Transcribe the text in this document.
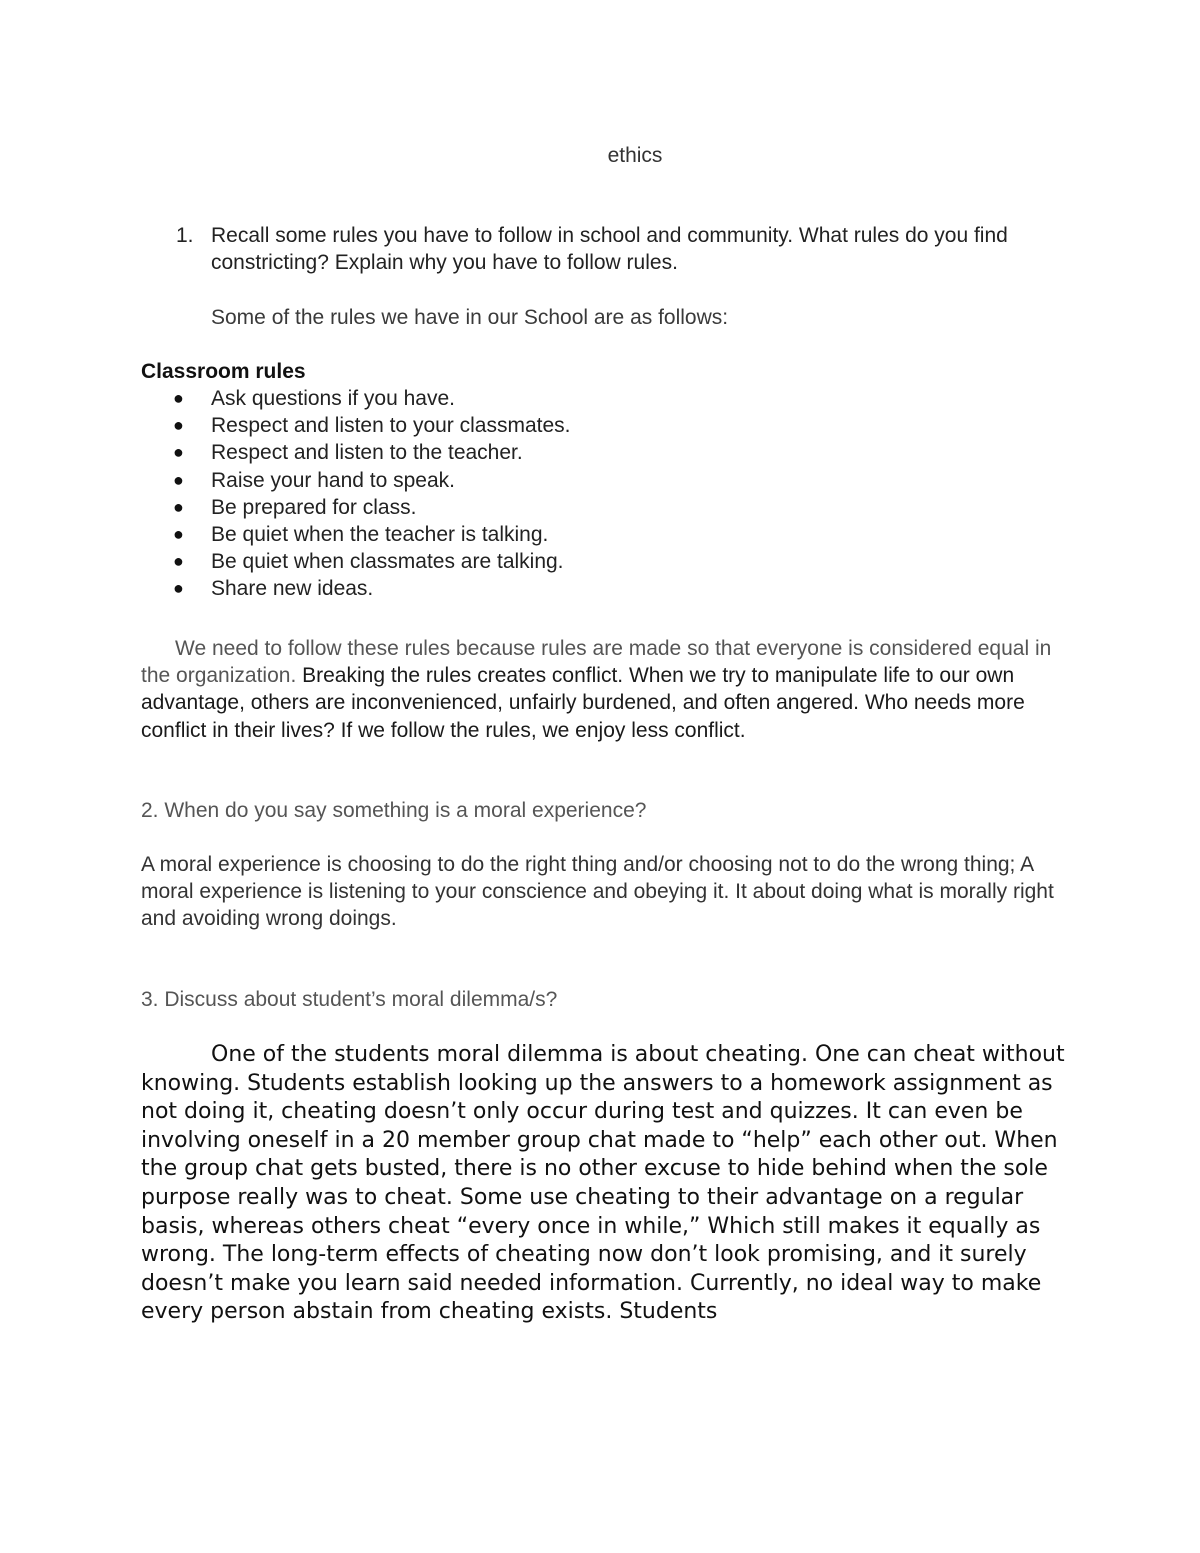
ethics
1. Recall some rules you have to follow in school and community. What rules do you find constricting? Explain why you have to follow rules.
Some of the rules we have in our School are as follows:
Classroom rules
● Ask questions if you have.
● Respect and listen to your classmates.
● Respect and listen to the teacher.
● Raise your hand to speak.
● Be prepared for class.
● Be quiet when the teacher is talking.
● Be quiet when classmates are talking.
● Share new ideas.
We need to follow these rules because rules are made so that everyone is considered equal in the organization. Breaking the rules creates conflict. When we try to manipulate life to our own advantage, others are inconvenienced, unfairly burdened, and often angered. Who needs more conflict in their lives? If we follow the rules, we enjoy less conflict.
2. When do you say something is a moral experience?
A moral experience is choosing to do the right thing and/or choosing not to do the wrong thing; A moral experience is listening to your conscience and obeying it. It about doing what is morally right and avoiding wrong doings.
3. Discuss about student’s moral dilemma/s?
One of the students moral dilemma is about cheating. One can cheat without knowing. Students establish looking up the answers to a homework assignment as not doing it, cheating doesn’t only occur during test and quizzes. It can even be involving oneself in a 20 member group chat made to “help” each other out. When the group chat gets busted, there is no other excuse to hide behind when the sole purpose really was to cheat. Some use cheating to their advantage on a regular basis, whereas others cheat “every once in while,” Which still makes it equally as wrong. The long-term effects of cheating now don’t look promising, and it surely doesn’t make you learn said needed information. Currently, no ideal way to make every person abstain from cheating exists. Students
